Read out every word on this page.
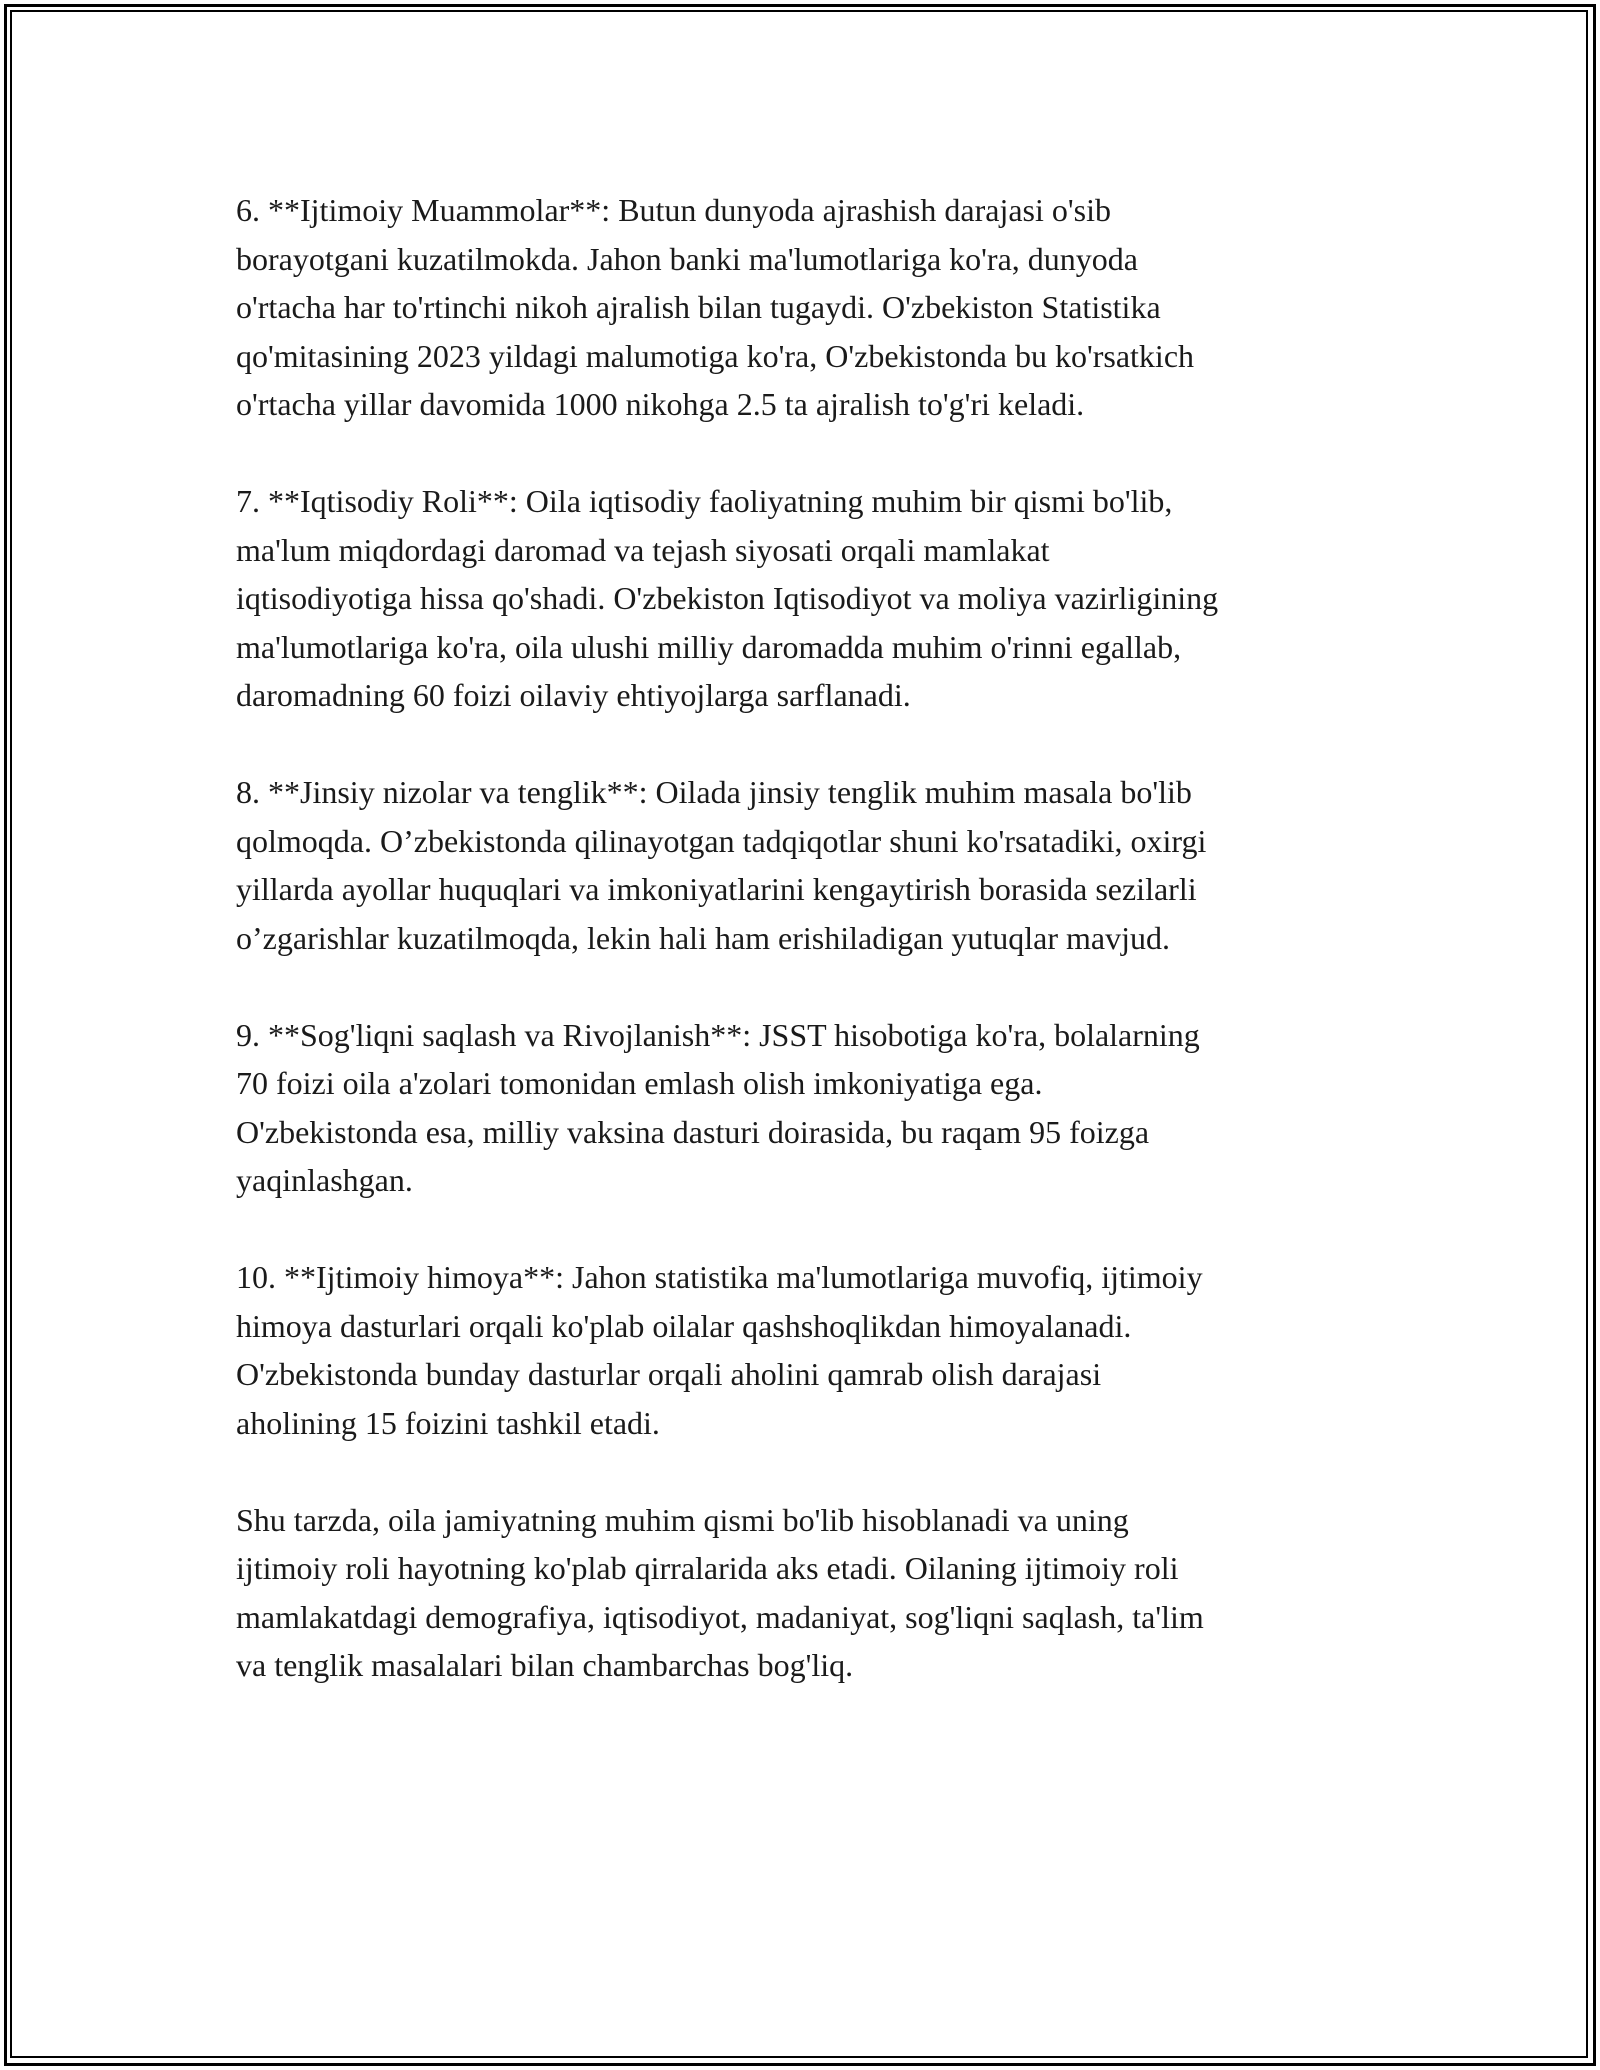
6. **Ijtimoiy Muammolar**: Butun dunyoda ajrashish darajasi o'sib
borayotgani kuzatilmokda. Jahon banki ma'lumotlariga ko'ra, dunyoda
o'rtacha har to'rtinchi nikoh ajralish bilan tugaydi. O'zbekiston Statistika
qo'mitasining 2023 yildagi malumotiga ko'ra, O'zbekistonda bu ko'rsatkich
o'rtacha yillar davomida 1000 nikohga 2.5 ta ajralish to'g'ri keladi.

7. **Iqtisodiy Roli**: Oila iqtisodiy faoliyatning muhim bir qismi bo'lib,
ma'lum miqdordagi daromad va tejash siyosati orqali mamlakat
iqtisodiyotiga hissa qo'shadi. O'zbekiston Iqtisodiyot va moliya vazirligining
ma'lumotlariga ko'ra, oila ulushi milliy daromadda muhim o'rinni egallab,
daromadning 60 foizi oilaviy ehtiyojlarga sarflanadi.

8. **Jinsiy nizolar va tenglik**: Oilada jinsiy tenglik muhim masala bo'lib
qolmoqda. O’zbekistonda qilinayotgan tadqiqotlar shuni ko'rsatadiki, oxirgi
yillarda ayollar huquqlari va imkoniyatlarini kengaytirish borasida sezilarli
o’zgarishlar kuzatilmoqda, lekin hali ham erishiladigan yutuqlar mavjud.

9. **Sog'liqni saqlash va Rivojlanish**: JSST hisobotiga ko'ra, bolalarning
70 foizi oila a'zolari tomonidan emlash olish imkoniyatiga ega.
O'zbekistonda esa, milliy vaksina dasturi doirasida, bu raqam 95 foizga
yaqinlashgan.

10. **Ijtimoiy himoya**: Jahon statistika ma'lumotlariga muvofiq, ijtimoiy
himoya dasturlari orqali ko'plab oilalar qashshoqlikdan himoyalanadi.
O'zbekistonda bunday dasturlar orqali aholini qamrab olish darajasi
aholining 15 foizini tashkil etadi.

Shu tarzda, oila jamiyatning muhim qismi bo'lib hisoblanadi va uning
ijtimoiy roli hayotning ko'plab qirralarida aks etadi. Oilaning ijtimoiy roli
mamlakatdagi demografiya, iqtisodiyot, madaniyat, sog'liqni saqlash, ta'lim
va tenglik masalalari bilan chambarchas bog'liq.
